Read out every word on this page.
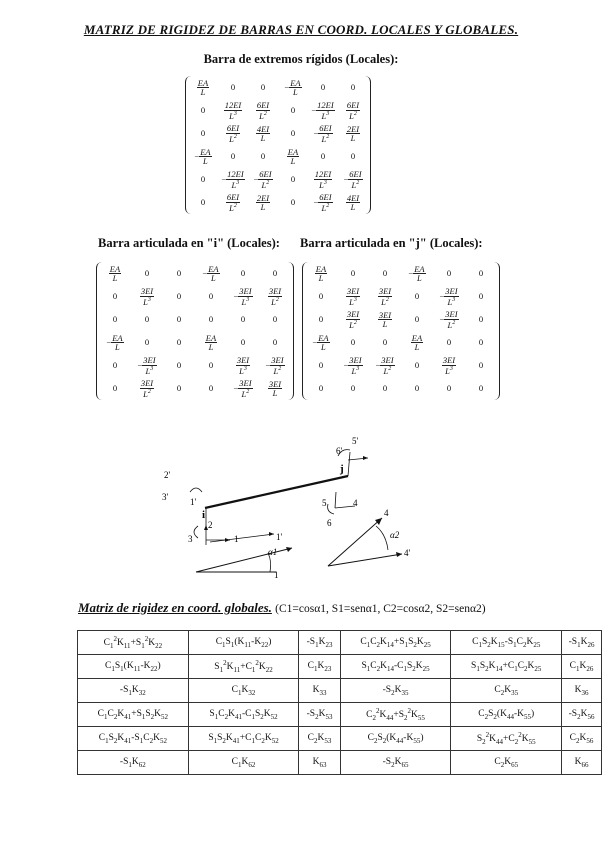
MATRIZ DE RIGIDEZ DE BARRAS EN COORD. LOCALES Y GLOBALES.
Barra de extremos rígidos (Locales):
$\frac{EA}{L}$	0	0	− $\frac{EA}{L}$	0	0
0	$\frac{12EI}{L^3}$	$\frac{6EI}{L^2}$	0	− $\frac{12EI}{L^3}$	$\frac{6EI}{L^2}$

0	$\frac{6EI}{L^2}$	$\frac{4EI}{L}$	0	− $\frac{6EI}{L^2}$	$\frac{2EI}{L}$

− $\frac{EA}{L}$	0	0	$\frac{EA}{L}$	0	0
0	− $\frac{12EI}{L^3}$	− $\frac{6EI}{L^2}$	0	$\frac{12EI}{L^3}$	− $\frac{6EI}{L^2}$

0	$\frac{6EI}{L^2}$	$\frac{2EI}{L}$	0	− $\frac{6EI}{L^2}$	$\frac{4EI}{L}$
Barra articulada en "i" (Locales): Barra articulada en "j" (Locales):
$\frac{EA}{L}$	0	0	− $\frac{EA}{L}$	0	0
0	$\frac{3EI}{L^3}$	0	0	− $\frac{3EI}{L^3}$	$\frac{3EI}{L^2}$

0	0	0	0	0	0

− $\frac{EA}{L}$	0	0	$\frac{EA}{L}$	0	0
0	− $\frac{3EI}{L^3}$	0	0	$\frac{3EI}{L^3}$	− $\frac{3EI}{L^2}$

0	$\frac{3EI}{L^2}$	0	0	− $\frac{3EI}{L^2}$	$\frac{3EI}{L}$
$\frac{EA}{L}$	0	0	− $\frac{EA}{L}$	0	0
0	$\frac{3EI}{L^3}$	$\frac{3EI}{L^2}$	0	− $\frac{3EI}{L^3}$	0
0	$\frac{3EI}{L^2}$	$\frac{3EI}{L}$	0	− $\frac{3EI}{L^2}$	0

− $\frac{EA}{L}$	0	0	$\frac{EA}{L}$	0	0
0	− $\frac{3EI}{L^3}$	− $\frac{3EI}{L^2}$	0	$\frac{3EI}{L^3}$	0
0	0	0	0	0	0
i
j
1
2
3	1'
2'
3'
4
5
6
4'
5'
6'
α1
α2
1
4
1'
Matriz de rigidez en coord. globales. (C1=cosα1, S1=senα1, C2=cosα2, S2=senα2)
$C_1^2K_{11}+S_1^2K_{22}$	$C_1S_1(K_{11}-K_{22})$	$-S_1K_{23}$	$C_1C_2K_{14}+S_1S_2K_{25}$	$C_1S_2K_{15}-S_1C_2K_{25}$	$-S_1K_{26}$
$C_1S_1(K_{11}-K_{22})$	$S_1^2K_{11}+C_1^2K_{22}$	$C_1K_{23}$	$S_1C_2K_{14}-C_1S_2K_{25}$	$S_1S_2K_{14}+C_1C_2K_{25}$	$C_1K_{26}$
$-S_1K_{32}$	$C_1K_{32}$	$K_{33}$	$-S_2K_{35}$	$C_2K_{35}$	$K_{36}$
$C_1C_2K_{41}+S_1S_2K_{52}$	$S_1C_2K_{41}-C_1S_2K_{52}$	$-S_2K_{53}$	$C_2^2K_{44}+S_2^2K_{55}$	$C_2S_2(K_{44}-K_{55})$	$-S_2K_{56}$
$C_1S_2K_{41}-S_1C_2K_{52}$	$S_1S_2K_{41}+C_1C_2K_{52}$	$C_2K_{53}$	$C_2S_2(K_{44}-K_{55})$	$S_2^2K_{44}+C_2^2K_{55}$	$C_2K_{56}$
$-S_1K_{62}$	$C_1K_{62}$	$K_{63}$	$-S_2K_{65}$	$C_2K_{65}$	$K_{66}$
